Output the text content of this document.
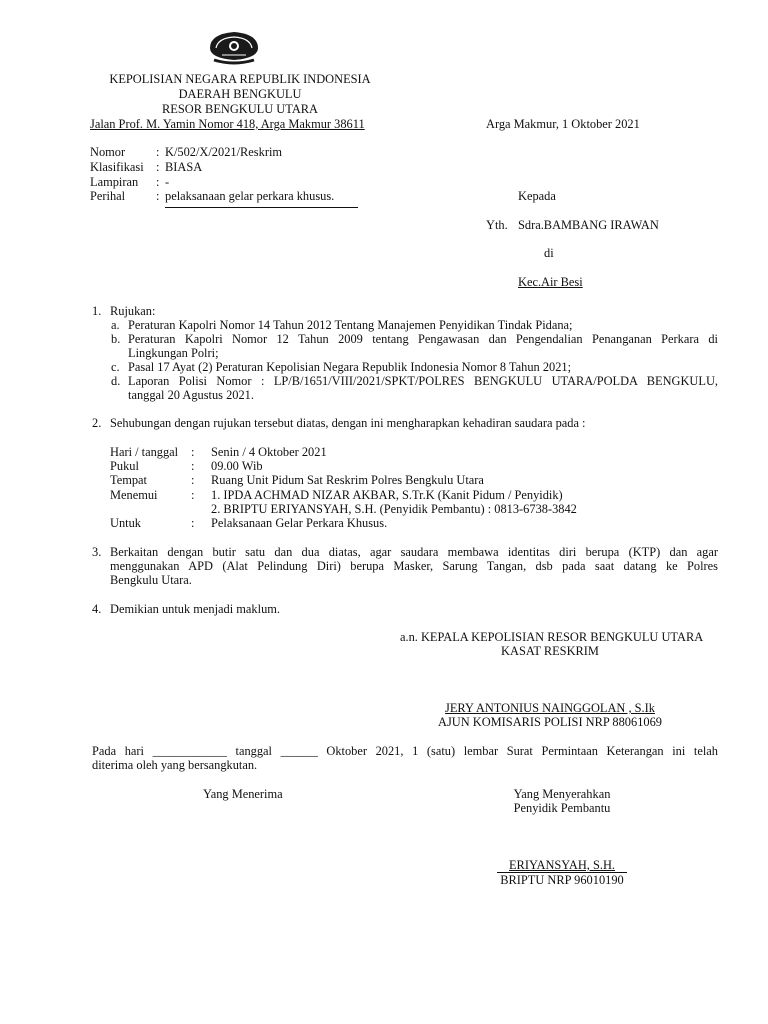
KEPOLISIAN NEGARA REPUBLIK INDONESIA
DAERAH BENGKULU
RESOR BENGKULU UTARA
Jalan Prof. M. Yamin Nomor 418, Arga Makmur 38611	Arga Makmur, 1 Oktober 2021
Nomor : K/502/X/2021/Reskrim
Klasifikasi : BIASA
Lampiran : -
Perihal : pelaksanaan gelar perkara khusus.	Kepada
Yth. Sdra.BAMBANG IRAWAN
di
Kec.Air Besi
1. Rujukan:
a. Peraturan Kapolri Nomor 14 Tahun 2012 Tentang Manajemen Penyidikan Tindak Pidana;
b. Peraturan Kapolri Nomor 12 Tahun 2009 tentang Pengawasan dan Pengendalian Penanganan Perkara di
Lingkungan Polri;
c. Pasal 17 Ayat (2) Peraturan Kepolisian Negara Republik Indonesia Nomor 8 Tahun 2021;
d. Laporan Polisi Nomor : LP/B/1651/VIII/2021/SPKT/POLRES BENGKULU UTARA/POLDA BENGKULU,
tanggal 20 Agustus 2021.
2. Sehubungan dengan rujukan tersebut diatas, dengan ini mengharapkan kehadiran saudara pada :
Hari / tanggal : Senin / 4 Oktober 2021
Pukul	: 09.00 Wib
Tempat	: Ruang Unit Pidum Sat Reskrim Polres Bengkulu Utara
Menemui	: 1. IPDA ACHMAD NIZAR AKBAR, S.Tr.K (Kanit Pidum / Penyidik)
2. BRIPTU ERIYANSYAH, S.H. (Penyidik Pembantu) : 0813-6738-3842
Untuk	: Pelaksanaan Gelar Perkara Khusus.
3. Berkaitan dengan butir satu dan dua diatas, agar saudara membawa identitas diri berupa (KTP) dan agar
menggunakan APD (Alat Pelindung Diri) berupa Masker, Sarung Tangan, dsb pada saat datang ke Polres
Bengkulu Utara.
4. Demikian untuk menjadi maklum.
a.n. KEPALA KEPOLISIAN RESOR BENGKULU UTARA
KASAT RESKRIM
JERY ANTONIUS NAINGGOLAN , S.Ik
AJUN KOMISARIS POLISI NRP 88061069
Pada hari ____________ tanggal ______ Oktober 2021, 1 (satu) lembar Surat Permintaan Keterangan ini telah
diterima oleh yang bersangkutan.
Yang Menerima	Yang Menyerahkan
Penyidik Pembantu
ERIYANSYAH, S.H.
BRIPTU NRP 96010190
